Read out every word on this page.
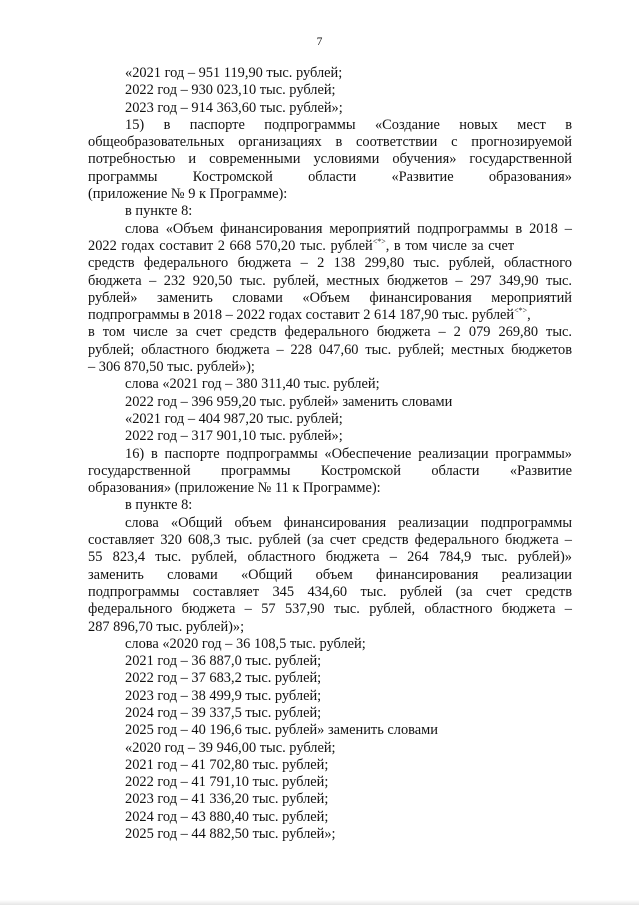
7

«2021 год – 951 119,90 тыс. рублей;

2022 год – 930 023,10 тыс. рублей;

2023 год – 914 363,60 тыс. рублей»;

15) в паспорте подпрограммы «Создание новых мест в

общеобразовательных организациях в соответствии с прогнозируемой

потребностью и современными условиями обучения» государственной

программы Костромской области «Развитие образования»

(приложение № 9 к Программе):

в пункте 8:

слова «Объем финансирования мероприятий подпрограммы в 2018 –

2022 годах составит 2 668 570,20 тыс. рублей<*>, в том числе за счет

средств федерального бюджета – 2 138 299,80 тыс. рублей, областного

бюджета – 232 920,50 тыс. рублей, местных бюджетов – 297 349,90 тыс.

рублей» заменить словами «Объем финансирования мероприятий

подпрограммы в 2018 – 2022 годах составит 2 614 187,90 тыс. рублей<*>,

в том числе за счет средств федерального бюджета – 2 079 269,80 тыс.

рублей; областного бюджета – 228 047,60 тыс. рублей; местных бюджетов

– 306 870,50 тыс. рублей»);

слова «2021 год – 380 311,40 тыс. рублей;

2022 год – 396 959,20 тыс. рублей» заменить словами

«2021 год – 404 987,20 тыс. рублей;

2022 год – 317 901,10 тыс. рублей»;

16) в паспорте подпрограммы «Обеспечение реализации программы»

государственной программы Костромской области «Развитие

образования» (приложение № 11 к Программе):

в пункте 8:

слова «Общий объем финансирования реализации подпрограммы

составляет 320 608,3 тыс. рублей (за счет средств федерального бюджета –

55 823,4 тыс. рублей, областного бюджета – 264 784,9 тыс. рублей)»

заменить словами «Общий объем финансирования реализации

подпрограммы составляет 345 434,60 тыс. рублей (за счет средств

федерального бюджета – 57 537,90 тыс. рублей, областного бюджета –

287 896,70 тыс. рублей)»;

слова «2020 год – 36 108,5 тыс. рублей;

2021 год – 36 887,0 тыс. рублей;

2022 год – 37 683,2 тыс. рублей;

2023 год – 38 499,9 тыс. рублей;

2024 год – 39 337,5 тыс. рублей;

2025 год – 40 196,6 тыс. рублей» заменить словами

«2020 год – 39 946,00 тыс. рублей;

2021 год – 41 702,80 тыс. рублей;

2022 год – 41 791,10 тыс. рублей;

2023 год – 41 336,20 тыс. рублей;

2024 год – 43 880,40 тыс. рублей;

2025 год – 44 882,50 тыс. рублей»;
